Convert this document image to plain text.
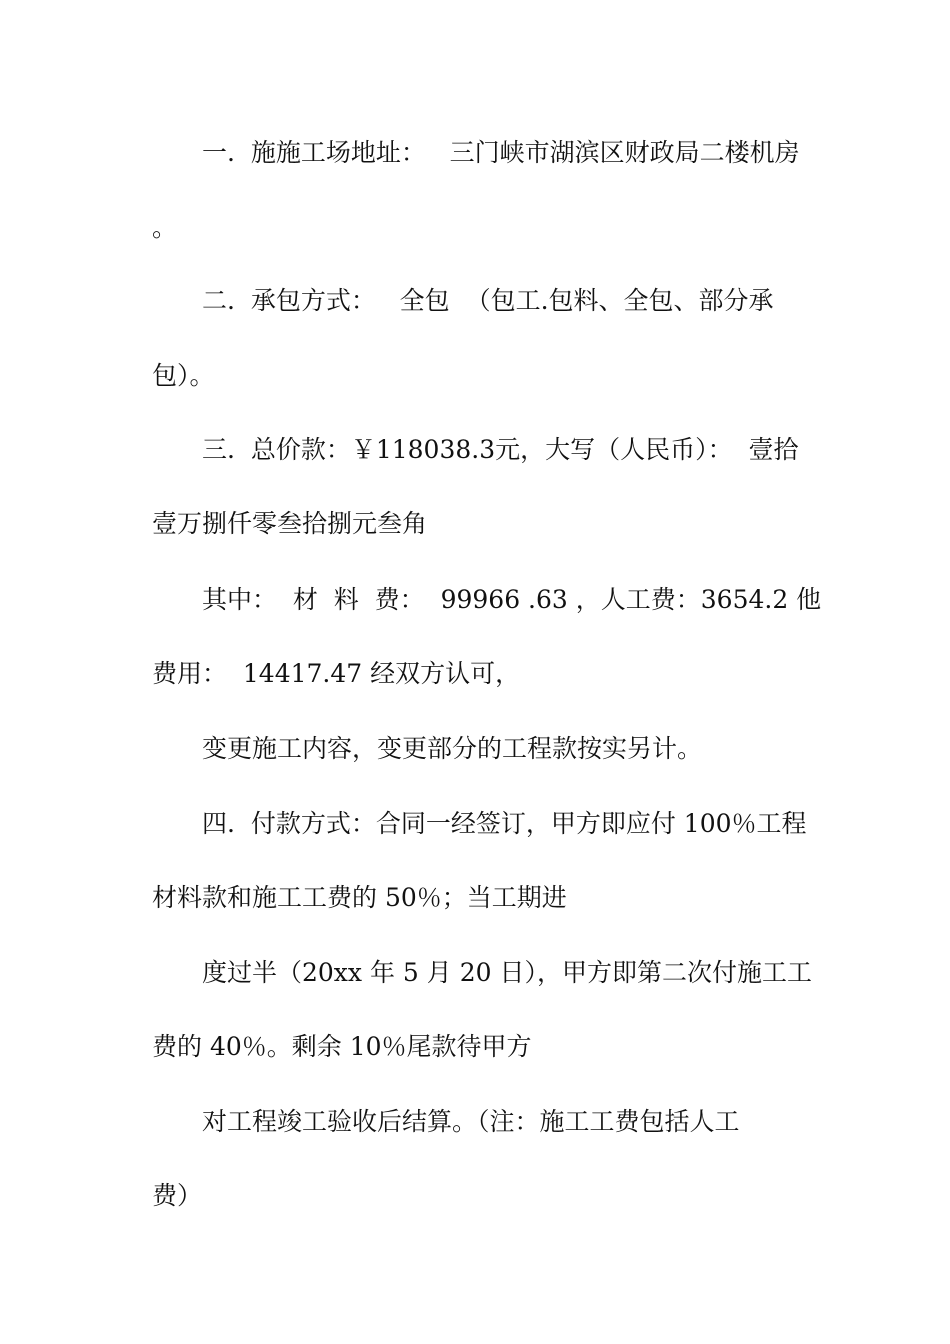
一.  施施工场地址：   三门峡市湖滨区财政局二楼机房
。
二.  承包方式：   全包  （包工.包料、全包、部分承
包）。
三.  总价款：￥118038.3元，大写（人民币）：  壹拾
壹万捌仟零叁拾捌元叁角
其中：  材  料  费：  99966 .63 ，人工费：3654.2 他
费用：  14417.47 经双方认可，
变更施工内容，变更部分的工程款按实另计。
四.  付款方式：合同一经签订，甲方即应付 100％工程
材料款和施工工费的 50％；当工期进
度过半（20xx 年 5 月 20 日），甲方即第二次付施工工
费的 40％。剩余 10％尾款待甲方
对工程竣工验收后结算。（注：施工工费包括人工
费）
